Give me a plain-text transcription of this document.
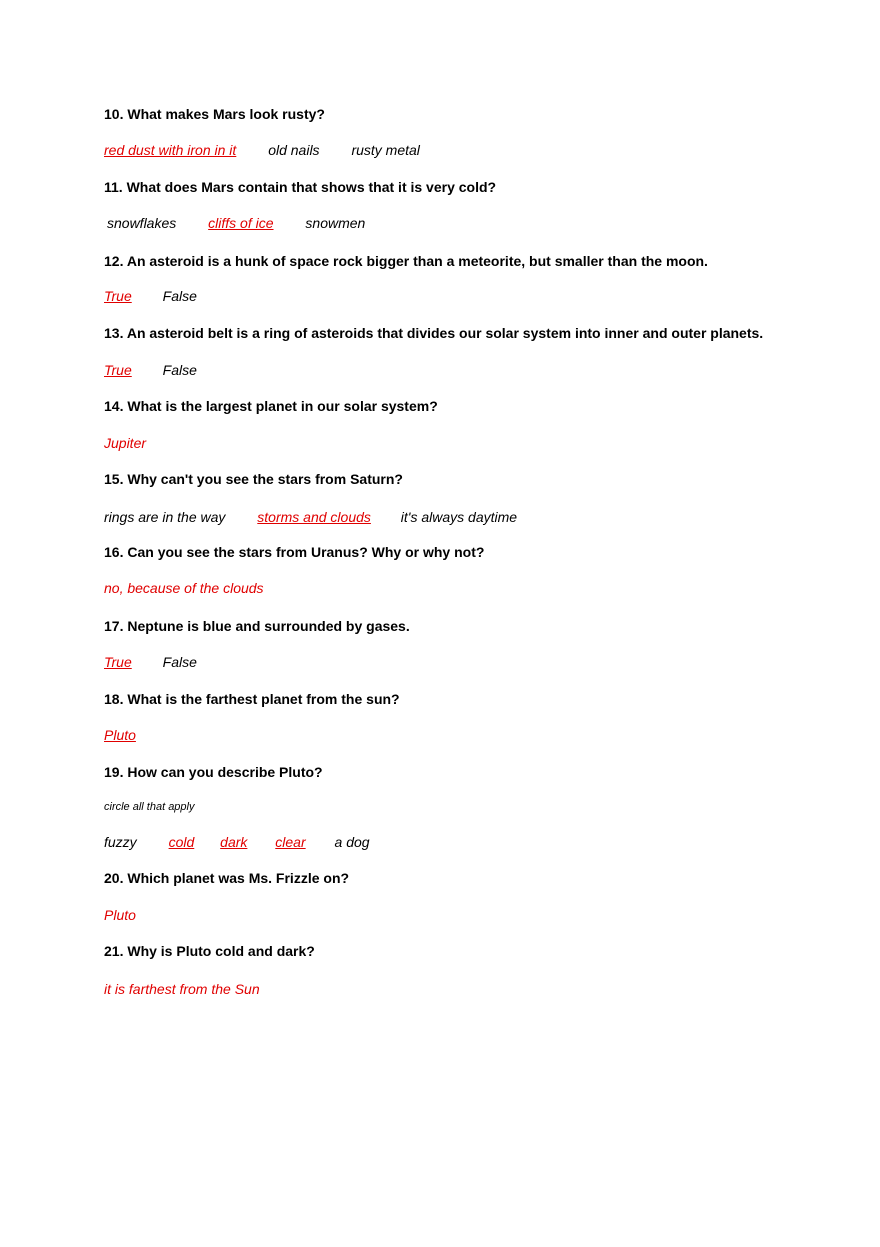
10. What makes Mars look rusty?
red dust with iron in it old nails rusty metal
11. What does Mars contain that shows that it is very cold?
snowflakes cliffs of ice snowmen
12. An asteroid is a hunk of space rock bigger than a meteorite, but smaller than the moon.
True False
13. An asteroid belt is a ring of asteroids that divides our solar system into inner and outer planets.
True False
14. What is the largest planet in our solar system?
Jupiter
15. Why can't you see the stars from Saturn?
rings are in the way storms and clouds it's always daytime
16. Can you see the stars from Uranus? Why or why not?
no, because of the clouds
17. Neptune is blue and surrounded by gases.
True False
18. What is the farthest planet from the sun?
Pluto
19. How can you describe Pluto?
circle all that apply
fuzzy cold dark clear a dog
20. Which planet was Ms. Frizzle on?
Pluto
21. Why is Pluto cold and dark?
it is farthest from the Sun
